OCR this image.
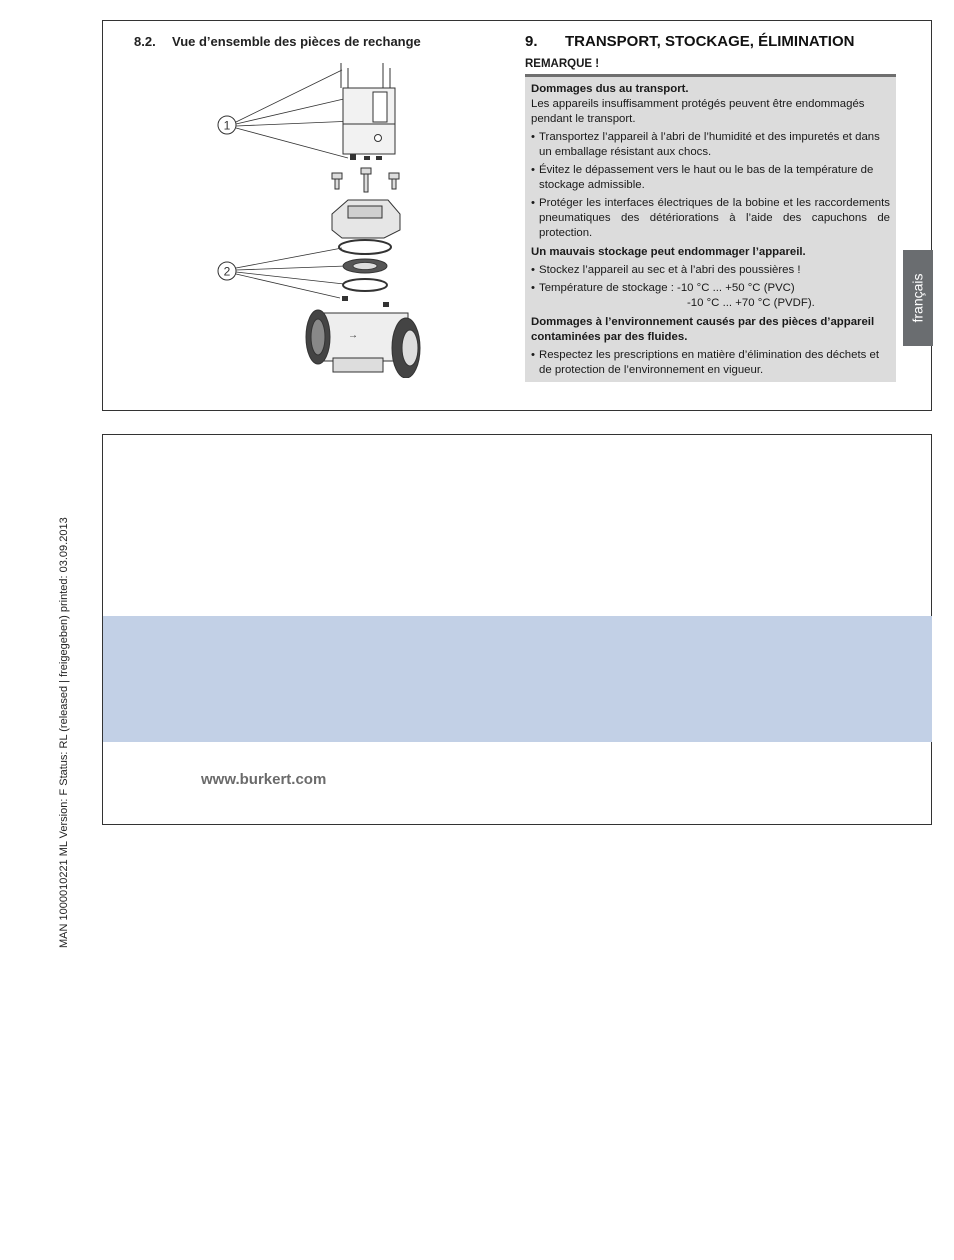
MAN 1000010221 ML Version: F Status: RL (released | freigegeben) printed: 03.09.2013
8.2. Vue d’ensemble des pièces de rechange
1
2
→
9. TRANSPORT, STOCKAGE, ÉLIMINATION
REMARQUE !

Dommages dus au transport.

Les appareils insuffisamment protégés peuvent être endommagés pendant le transport.

• Transportez l’appareil à l’abri de l’humidité et des impuretés et dans un emballage résistant aux chocs.

• Évitez le dépassement vers le haut ou le bas de la température de stockage admissible.

• Protéger les interfaces électriques de la bobine et les raccordements pneumatiques des détériorations à l’aide des capuchons de protection.

Un mauvais stockage peut endommager l’appareil.

• Stockez l’appareil au sec et à l’abri des poussières !

• Température de stockage : -10 °C ... +50 °C (PVC)
-10 °C ... +70 °C (PVDF).

Dommages à l’environnement causés par des pièces d’appareil contaminées par des fluides.

• Respectez les prescriptions en matière d’élimination des déchets et de protection de l’environnement en vigueur.

français
www.burkert.com
